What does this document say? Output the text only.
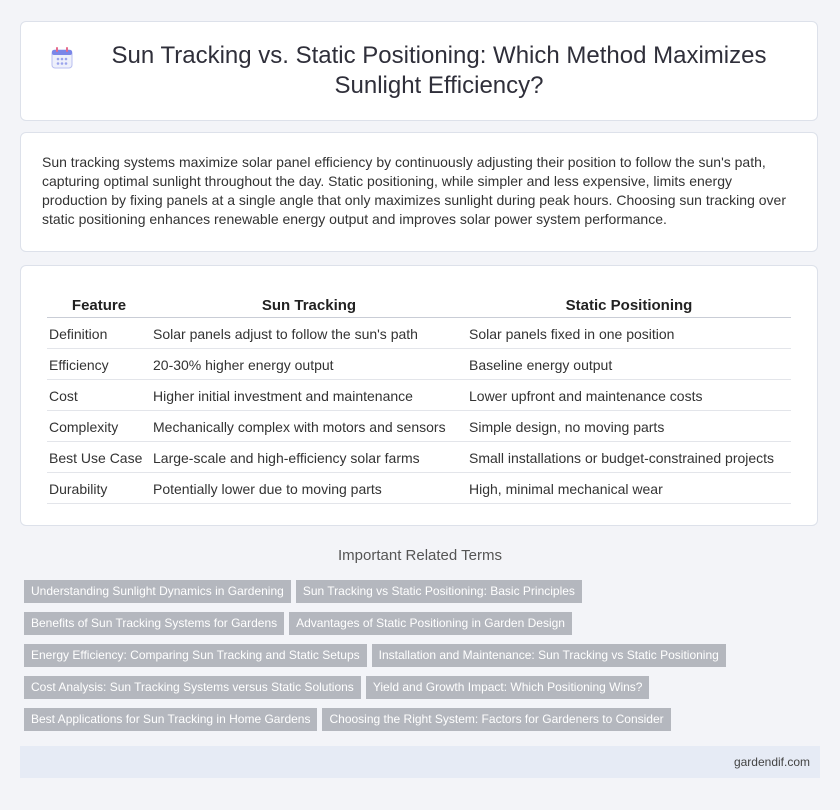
Sun Tracking vs. Static Positioning: Which Method Maximizes Sunlight Efficiency?

Sun tracking systems maximize solar panel efficiency by continuously adjusting their position to follow the sun's path, capturing optimal sunlight throughout the day. Static positioning, while simpler and less expensive, limits energy production by fixing panels at a single angle that only maximizes sunlight during peak hours. Choosing sun tracking over static positioning enhances renewable energy output and improves solar power system performance.

Feature	Sun Tracking	Static Positioning
Definition	Solar panels adjust to follow the sun's path	Solar panels fixed in one position
Efficiency	20-30% higher energy output	Baseline energy output
Cost	Higher initial investment and maintenance	Lower upfront and maintenance costs
Complexity	Mechanically complex with motors and sensors	Simple design, no moving parts
Best Use Case	Large-scale and high-efficiency solar farms	Small installations or budget-constrained projects
Durability	Potentially lower due to moving parts	High, minimal mechanical wear
Important Related Terms
Understanding Sunlight Dynamics in Gardening Sun Tracking vs Static Positioning: Basic Principles
Benefits of Sun Tracking Systems for Gardens Advantages of Static Positioning in Garden Design
Energy Efficiency: Comparing Sun Tracking and Static Setups Installation and Maintenance: Sun Tracking vs Static Positioning
Cost Analysis: Sun Tracking Systems versus Static Solutions Yield and Growth Impact: Which Positioning Wins?
Best Applications for Sun Tracking in Home Gardens Choosing the Right System: Factors for Gardeners to Consider
gardendif.com
